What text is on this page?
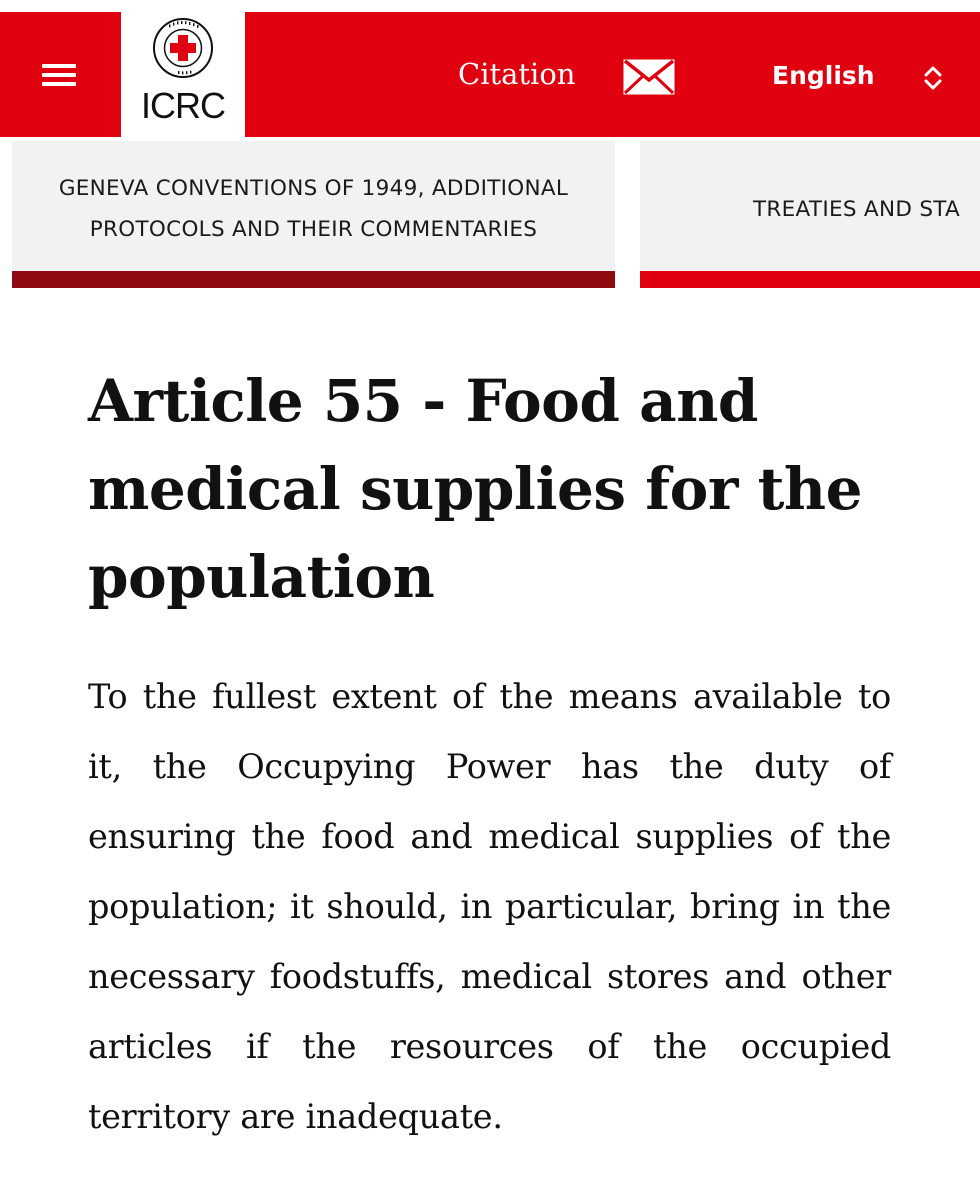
ICRC
Citation	English
GENEVA CONVENTIONS OF 1949, ADDITIONAL PROTOCOLS AND THEIR COMMENTARIES
TREATIES AND STA
Article 55 - Food and medical supplies for the population

To the fullest extent of the means available to it, the Occupying Power has the duty of ensuring the food and medical supplies of the population; it should, in particular, bring in the necessary foodstuffs, medical stores and other articles if the resources of the occupied territory are inadequate.
